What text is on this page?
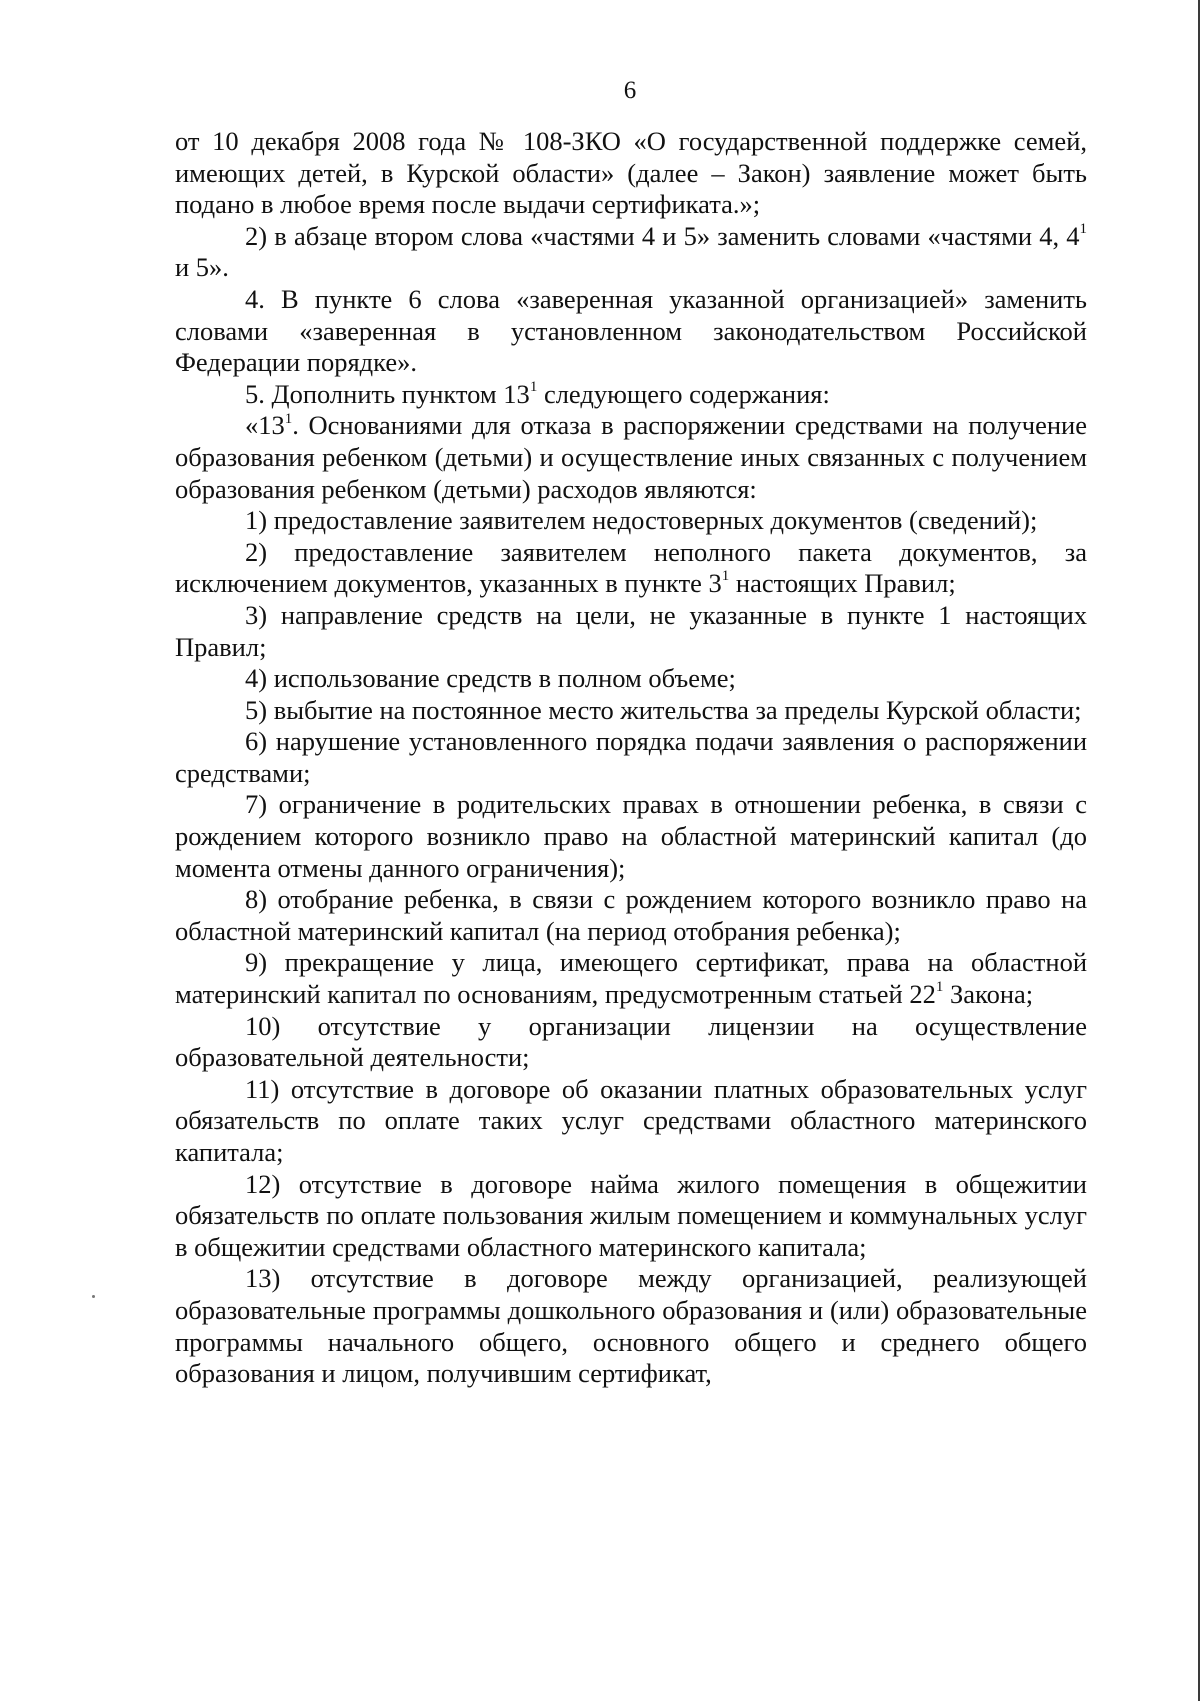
6

от 10 декабря 2008 года № 108-ЗКО «О государственной поддержке семей, имеющих детей, в Курской области» (далее – Закон) заявление может быть подано в любое время после выдачи сертификата.»;

2) в абзаце втором слова «частями 4 и 5» заменить словами «частями 4, $4^1$ и 5».

4. В пункте 6 слова «заверенная указанной организацией» заменить словами «заверенная в установленном законодательством Российской Федерации порядке».

5. Дополнить пунктом $13^1$ следующего содержания:

«$13^1$. Основаниями для отказа в распоряжении средствами на получение образования ребенком (детьми) и осуществление иных связанных с получением образования ребенком (детьми) расходов являются:

1) предоставление заявителем недостоверных документов (сведений);

2) предоставление заявителем неполного пакета документов, за исключением документов, указанных в пункте $3^1$ настоящих Правил;

3) направление средств на цели, не указанные в пункте 1 настоящих Правил;

4) использование средств в полном объеме;

5) выбытие на постоянное место жительства за пределы Курской области;

6) нарушение установленного порядка подачи заявления о распоряжении средствами;

7) ограничение в родительских правах в отношении ребенка, в связи с рождением которого возникло право на областной материнский капитал (до момента отмены данного ограничения);

8) отобрание ребенка, в связи с рождением которого возникло право на областной материнский капитал (на период отобрания ребенка);

9) прекращение у лица, имеющего сертификат, права на областной материнский капитал по основаниям, предусмотренным статьей $22^1$ Закона;

10) отсутствие у организации лицензии на осуществление образовательной деятельности;

11) отсутствие в договоре об оказании платных образовательных услуг обязательств по оплате таких услуг средствами областного материнского капитала;

12) отсутствие в договоре найма жилого помещения в общежитии обязательств по оплате пользования жилым помещением и коммунальных услуг в общежитии средствами областного материнского капитала;

13) отсутствие в договоре между организацией, реализующей образовательные программы дошкольного образования и (или) образовательные программы начального общего, основного общего и среднего общего образования и лицом, получившим сертификат,
